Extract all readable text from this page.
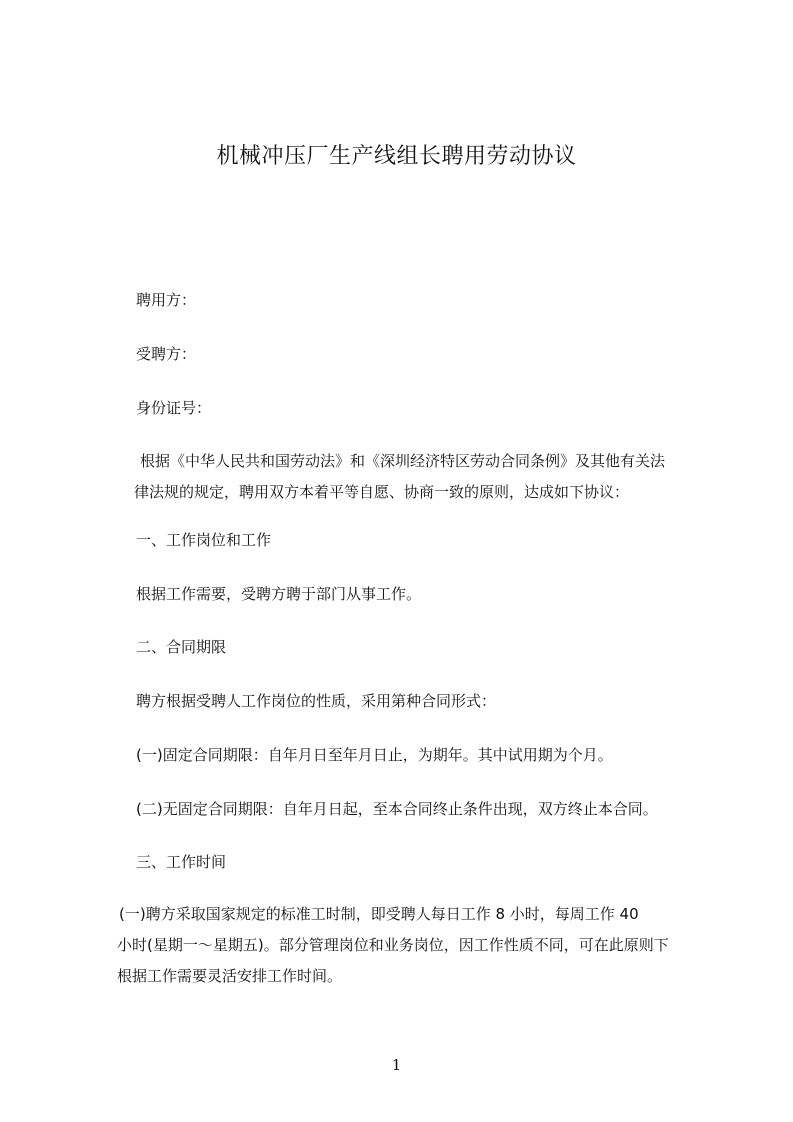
机械冲压厂生产线组长聘用劳动协议
聘用方：
受聘方：
身份证号：
根据《中华人民共和国劳动法》和《深圳经济特区劳动合同条例》及其他有关法
律法规的规定，聘用双方本着平等自愿、协商一致的原则，达成如下协议：
一、工作岗位和工作
根据工作需要，受聘方聘于部门从事工作。
二、合同期限
聘方根据受聘人工作岗位的性质，采用第种合同形式：
(一)固定合同期限：自年月日至年月日止，为期年。其中试用期为个月。
(二)无固定合同期限：自年月日起，至本合同终止条件出现，双方终止本合同。
三、工作时间
(一)聘方采取国家规定的标准工时制，即受聘人每日工作 8 小时，每周工作 40
小时(星期一～星期五)。部分管理岗位和业务岗位，因工作性质不同，可在此原则下
根据工作需要灵活安排工作时间。
1
